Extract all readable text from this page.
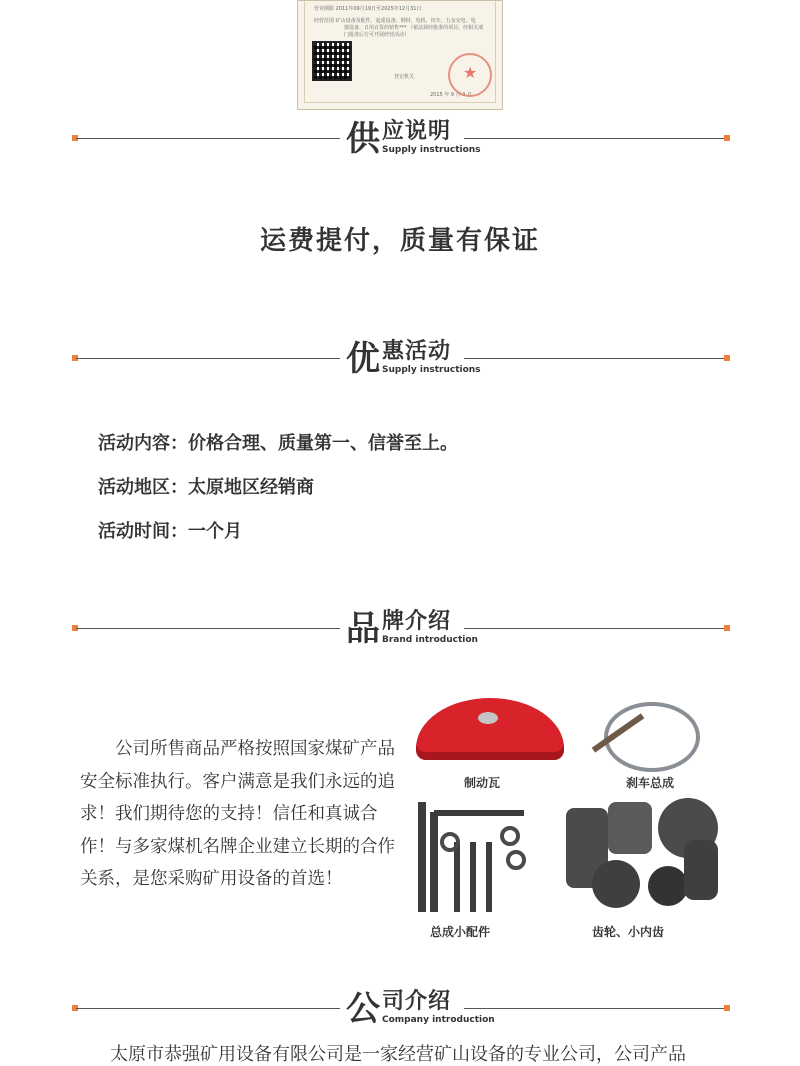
营业期限 2011年09月19日至2025年12月31日
经营范围 矿山设备及配件、起重设备、钢材、电机、铰车、五金交电、电
器设备、日用百货的销售*** （依法须经批准的项目，经相关部
门批准后方可开展经营活动）
登记机关
2015 年 9 月 3 日
★
供 应说明
Supply instructions
运费提付，质量有保证
优 惠活动
Supply instructions
活动内容：价格合理、质量第一、信誉至上。
活动地区：太原地区经销商
活动时间：一个月
品 牌介绍
Brand introduction
　　公司所售商品严格按照国家煤矿产品安全标准执行。客户满意是我们永远的追求！我们期待您的支持！信任和真诚合作！与多家煤机名牌企业建立长期的合作关系，是您采购矿用设备的首选！
制动瓦	刹车总成
总成小配件	齿轮、小内齿
公 司介绍
Company introduction
太原市恭强矿用设备有限公司是一家经营矿山设备的专业公司，公司产品
